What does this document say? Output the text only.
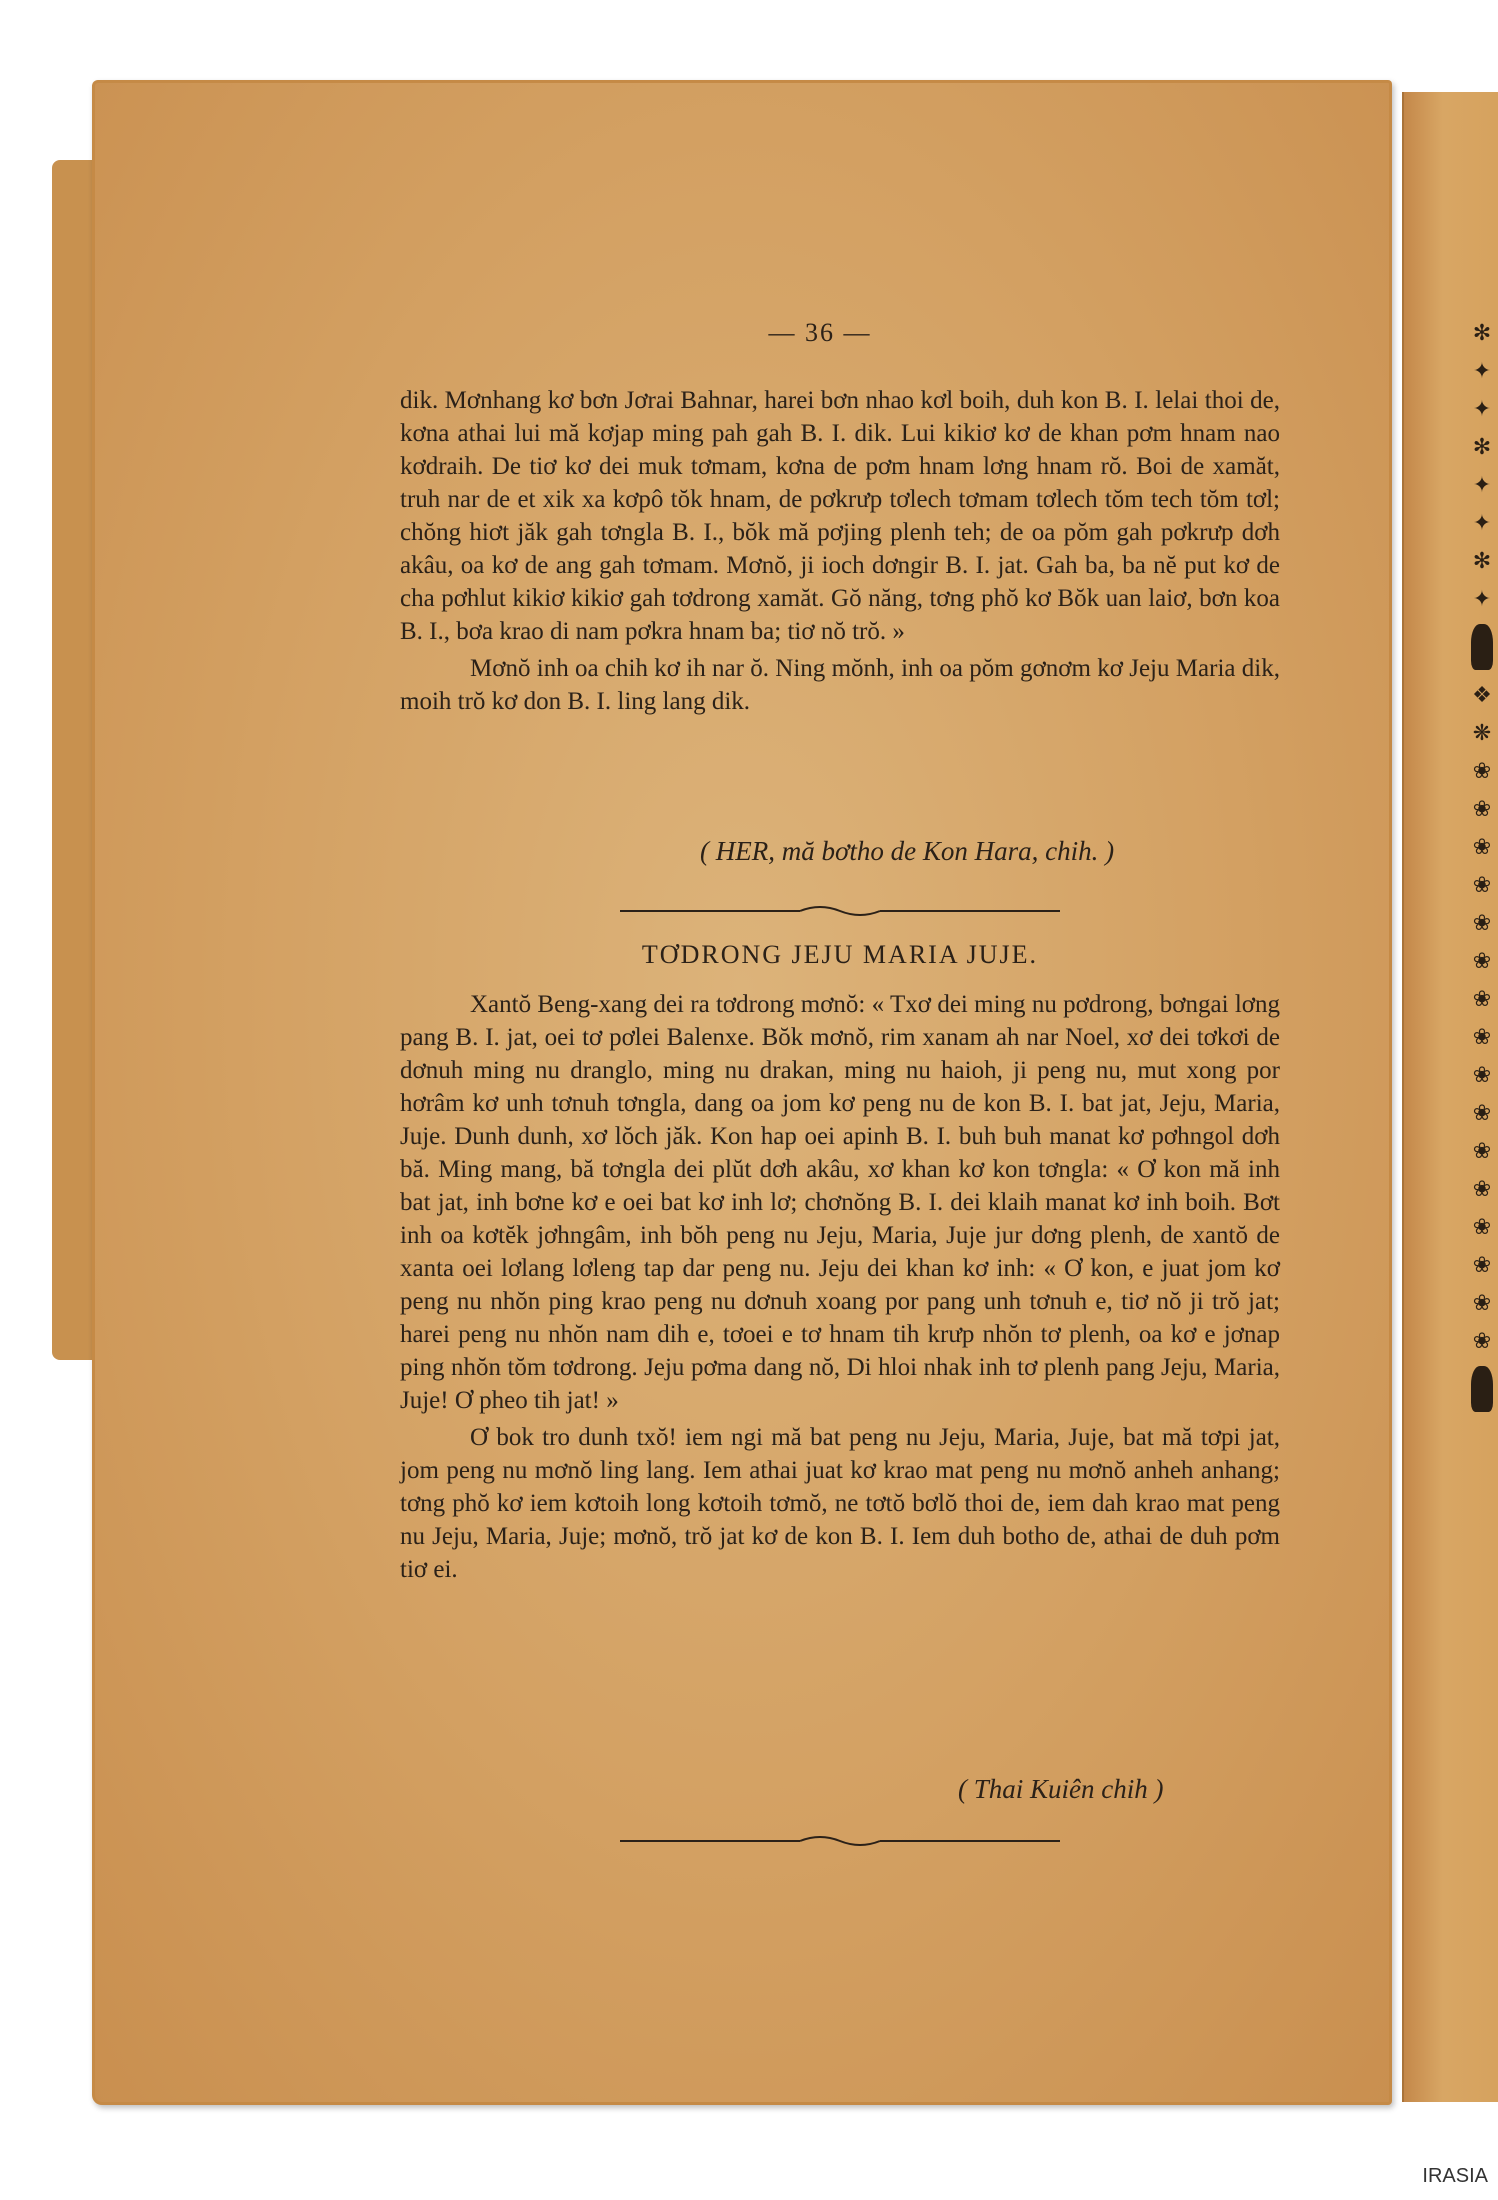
✻
✦
✦
✻
✦
✦
✻
✦
❖
❋
❀
❀
❀
❀
❀
❀
❀
❀
❀
❀
❀
❀
❀
❀
❀
❀
— 36 —

dik. Mơnhang kơ bơn Jơrai Bahnar, harei bơn nhao kơl boih, duh kon B. I. lelai thoi de, kơna athai lui mă kơjap ming pah gah B. I. dik. Lui kikiơ kơ de khan pơm hnam nao kơdraih. De tiơ kơ dei muk tơmam, kơna de pơm hnam lơng hnam rŏ. Boi de xamăt, truh nar de et xik xa kơpô tŏk hnam, de pơkrưp tơlech tơmam tơlech tŏm tech tŏm tơl; chŏng hiơt jăk gah tơngla B. I., bŏk mă pơjing plenh teh; de oa pŏm gah pơkrưp dơh akâu, oa kơ de ang gah tơmam. Mơnŏ, ji ioch dơngir B. I. jat. Gah ba, ba nĕ put kơ de cha pơhlut kikiơ kikiơ gah tơdrong xamăt. Gŏ năng, tơng phŏ kơ Bŏk uan laiơ, bơn koa B. I., bơa krao di nam pơkra hnam ba; tiơ nŏ trŏ. »

Mơnŏ inh oa chih kơ ih nar ŏ. Ning mŏnh, inh oa pŏm gơnơm kơ Jeju Maria dik, moih trŏ kơ don B. I. ling lang dik.

( HER, mă bơtho de Kon Hara, chih. )
TƠDRONG JEJU MARIA JUJE.

Xantŏ Beng-xang dei ra tơdrong mơnŏ: « Txơ dei ming nu pơdrong, bơngai lơng pang B. I. jat, oei tơ pơlei Balenxe. Bŏk mơnŏ, rim xanam ah nar Noel, xơ dei tơkơi de dơnuh ming nu dranglo, ming nu drakan, ming nu haioh, ji peng nu, mut xong por hơrâm kơ unh tơnuh tơngla, dang oa jom kơ peng nu de kon B. I. bat jat, Jeju, Maria, Juje. Dunh dunh, xơ lŏch jăk. Kon hap oei apinh B. I. buh buh manat kơ pơhngol dơh bă. Ming mang, bă tơngla dei plŭt dơh akâu, xơ khan kơ kon tơngla: « Ơ kon mă inh bat jat, inh bơne kơ e oei bat kơ inh lơ; chơnŏng B. I. dei klaih manat kơ inh boih. Bơt inh oa kơtĕk jơhngâm, inh bŏh peng nu Jeju, Maria, Juje jur dơng plenh, de xantŏ de xanta oei lơlang lơleng tap dar peng nu. Jeju dei khan kơ inh: « Ơ kon, e juat jom kơ peng nu nhŏn ping krao peng nu dơnuh xoang por pang unh tơnuh e, tiơ nŏ ji trŏ jat; harei peng nu nhŏn nam dih e, tơoei e tơ hnam tih krưp nhŏn tơ plenh, oa kơ e jơnap ping nhŏn tŏm tơdrong. Jeju pơma dang nŏ, Di hloi nhak inh tơ plenh pang Jeju, Maria, Juje! Ơ pheo tih jat! »

Ơ bok tro dunh txŏ! iem ngi mă bat peng nu Jeju, Maria, Juje, bat mă tơpi jat, jom peng nu mơnŏ ling lang. Iem athai juat kơ krao mat peng nu mơnŏ anheh anhang; tơng phŏ kơ iem kơtoih long kơtoih tơmŏ, ne tơtŏ bơlŏ thoi de, iem dah krao mat peng nu Jeju, Maria, Juje; mơnŏ, trŏ jat kơ de kon B. I. Iem duh botho de, athai de duh pơm tiơ ei.

( Thai Kuiên chih )
IRASIA
